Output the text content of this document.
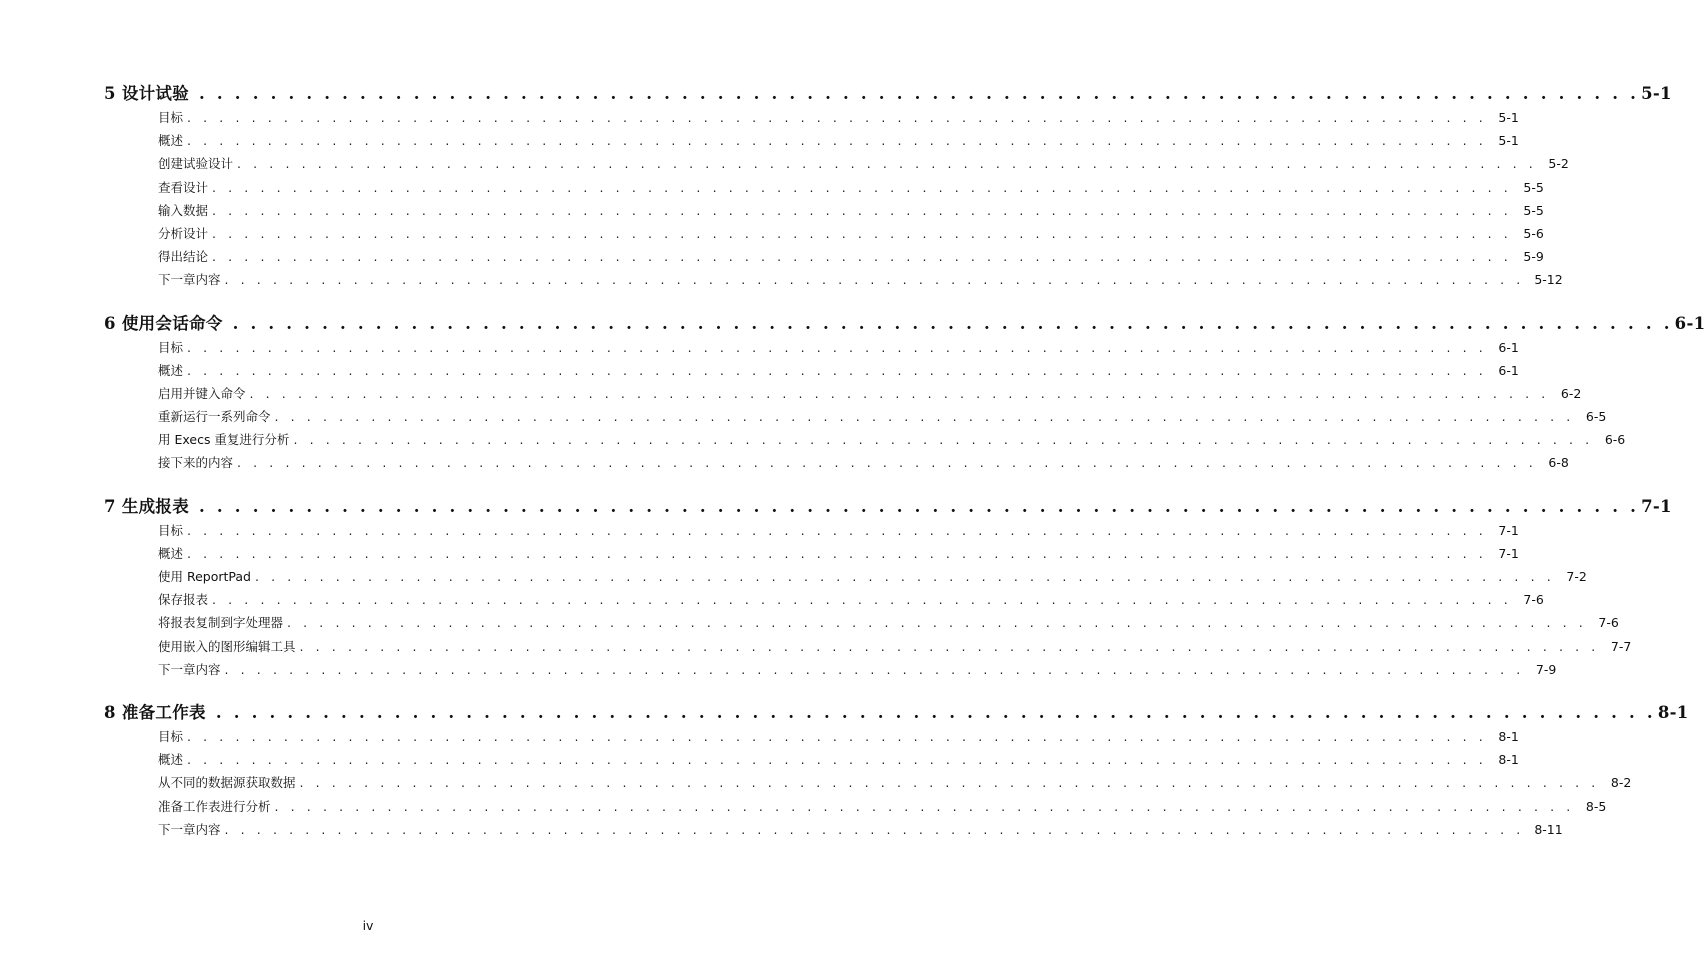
5 设计试验 . . . . . . . . . . . . . . . . . . . . . . . . . . . . . . . . . . . . . . . . . . . . . . . . . . . . . . . . . . . . . . . . . . . . . . . . . . . . . . . . . 5-1
目标 . . . . . . . . . . . . . . . . . . . . . . . . . . . . . . . . . . . . . . . . . . . . . . . . . . . . . . . . . . . . . . . . . . . . . . . . . . . . . . . . . 5-1
概述 . . . . . . . . . . . . . . . . . . . . . . . . . . . . . . . . . . . . . . . . . . . . . . . . . . . . . . . . . . . . . . . . . . . . . . . . . . . . . . . . . 5-1
创建试验设计 . . . . . . . . . . . . . . . . . . . . . . . . . . . . . . . . . . . . . . . . . . . . . . . . . . . . . . . . . . . . . . . . . . . . . . . . . . . . . . . . . 5-2
查看设计 . . . . . . . . . . . . . . . . . . . . . . . . . . . . . . . . . . . . . . . . . . . . . . . . . . . . . . . . . . . . . . . . . . . . . . . . . . . . . . . . . 5-5
输入数据 . . . . . . . . . . . . . . . . . . . . . . . . . . . . . . . . . . . . . . . . . . . . . . . . . . . . . . . . . . . . . . . . . . . . . . . . . . . . . . . . . 5-5
分析设计 . . . . . . . . . . . . . . . . . . . . . . . . . . . . . . . . . . . . . . . . . . . . . . . . . . . . . . . . . . . . . . . . . . . . . . . . . . . . . . . . . 5-6
得出结论 . . . . . . . . . . . . . . . . . . . . . . . . . . . . . . . . . . . . . . . . . . . . . . . . . . . . . . . . . . . . . . . . . . . . . . . . . . . . . . . . . 5-9
下一章内容 . . . . . . . . . . . . . . . . . . . . . . . . . . . . . . . . . . . . . . . . . . . . . . . . . . . . . . . . . . . . . . . . . . . . . . . . . . . . . . . . . 5-12
6 使用会话命令 . . . . . . . . . . . . . . . . . . . . . . . . . . . . . . . . . . . . . . . . . . . . . . . . . . . . . . . . . . . . . . . . . . . . . . . . . . . . . . . . . 6-1
目标 . . . . . . . . . . . . . . . . . . . . . . . . . . . . . . . . . . . . . . . . . . . . . . . . . . . . . . . . . . . . . . . . . . . . . . . . . . . . . . . . . 6-1
概述 . . . . . . . . . . . . . . . . . . . . . . . . . . . . . . . . . . . . . . . . . . . . . . . . . . . . . . . . . . . . . . . . . . . . . . . . . . . . . . . . . 6-1
启用并键入命令 . . . . . . . . . . . . . . . . . . . . . . . . . . . . . . . . . . . . . . . . . . . . . . . . . . . . . . . . . . . . . . . . . . . . . . . . . . . . . . . . . 6-2
重新运行一系列命令 . . . . . . . . . . . . . . . . . . . . . . . . . . . . . . . . . . . . . . . . . . . . . . . . . . . . . . . . . . . . . . . . . . . . . . . . . . . . . . . . . 6-5
用 Execs 重复进行分析 . . . . . . . . . . . . . . . . . . . . . . . . . . . . . . . . . . . . . . . . . . . . . . . . . . . . . . . . . . . . . . . . . . . . . . . . . . . . . . . . . 6-6
接下来的内容 . . . . . . . . . . . . . . . . . . . . . . . . . . . . . . . . . . . . . . . . . . . . . . . . . . . . . . . . . . . . . . . . . . . . . . . . . . . . . . . . . 6-8
7 生成报表 . . . . . . . . . . . . . . . . . . . . . . . . . . . . . . . . . . . . . . . . . . . . . . . . . . . . . . . . . . . . . . . . . . . . . . . . . . . . . . . . . 7-1
目标 . . . . . . . . . . . . . . . . . . . . . . . . . . . . . . . . . . . . . . . . . . . . . . . . . . . . . . . . . . . . . . . . . . . . . . . . . . . . . . . . . 7-1
概述 . . . . . . . . . . . . . . . . . . . . . . . . . . . . . . . . . . . . . . . . . . . . . . . . . . . . . . . . . . . . . . . . . . . . . . . . . . . . . . . . . 7-1
使用 ReportPad . . . . . . . . . . . . . . . . . . . . . . . . . . . . . . . . . . . . . . . . . . . . . . . . . . . . . . . . . . . . . . . . . . . . . . . . . . . . . . . . . 7-2
保存报表 . . . . . . . . . . . . . . . . . . . . . . . . . . . . . . . . . . . . . . . . . . . . . . . . . . . . . . . . . . . . . . . . . . . . . . . . . . . . . . . . . 7-6
将报表复制到字处理器 . . . . . . . . . . . . . . . . . . . . . . . . . . . . . . . . . . . . . . . . . . . . . . . . . . . . . . . . . . . . . . . . . . . . . . . . . . . . . . . . . 7-6
使用嵌入的图形编辑工具 . . . . . . . . . . . . . . . . . . . . . . . . . . . . . . . . . . . . . . . . . . . . . . . . . . . . . . . . . . . . . . . . . . . . . . . . . . . . . . . . . 7-7
下一章内容 . . . . . . . . . . . . . . . . . . . . . . . . . . . . . . . . . . . . . . . . . . . . . . . . . . . . . . . . . . . . . . . . . . . . . . . . . . . . . . . . . 7-9
8 准备工作表 . . . . . . . . . . . . . . . . . . . . . . . . . . . . . . . . . . . . . . . . . . . . . . . . . . . . . . . . . . . . . . . . . . . . . . . . . . . . . . . . . 8-1
目标 . . . . . . . . . . . . . . . . . . . . . . . . . . . . . . . . . . . . . . . . . . . . . . . . . . . . . . . . . . . . . . . . . . . . . . . . . . . . . . . . . 8-1
概述 . . . . . . . . . . . . . . . . . . . . . . . . . . . . . . . . . . . . . . . . . . . . . . . . . . . . . . . . . . . . . . . . . . . . . . . . . . . . . . . . . 8-1
从不同的数据源获取数据 . . . . . . . . . . . . . . . . . . . . . . . . . . . . . . . . . . . . . . . . . . . . . . . . . . . . . . . . . . . . . . . . . . . . . . . . . . . . . . . . . 8-2
准备工作表进行分析 . . . . . . . . . . . . . . . . . . . . . . . . . . . . . . . . . . . . . . . . . . . . . . . . . . . . . . . . . . . . . . . . . . . . . . . . . . . . . . . . . 8-5
下一章内容 . . . . . . . . . . . . . . . . . . . . . . . . . . . . . . . . . . . . . . . . . . . . . . . . . . . . . . . . . . . . . . . . . . . . . . . . . . . . . . . . . 8-11
iv
